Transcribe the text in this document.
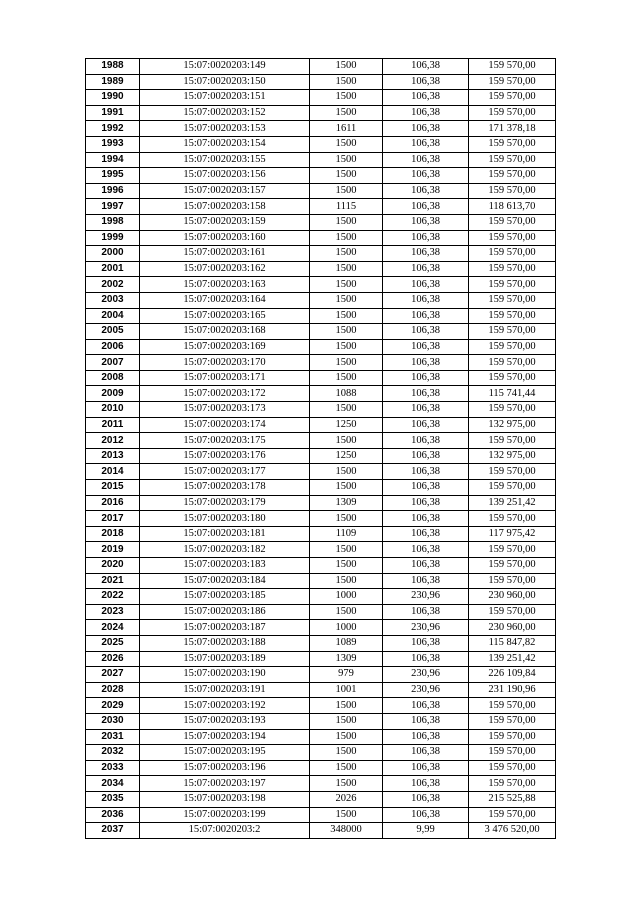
1988	15:07:0020203:149	1500	106,38	159 570,00
1989	15:07:0020203:150	1500	106,38	159 570,00
1990	15:07:0020203:151	1500	106,38	159 570,00
1991	15:07:0020203:152	1500	106,38	159 570,00
1992	15:07:0020203:153	1611	106,38	171 378,18
1993	15:07:0020203:154	1500	106,38	159 570,00
1994	15:07:0020203:155	1500	106,38	159 570,00
1995	15:07:0020203:156	1500	106,38	159 570,00
1996	15:07:0020203:157	1500	106,38	159 570,00
1997	15:07:0020203:158	1115	106,38	118 613,70
1998	15:07:0020203:159	1500	106,38	159 570,00
1999	15:07:0020203:160	1500	106,38	159 570,00
2000	15:07:0020203:161	1500	106,38	159 570,00
2001	15:07:0020203:162	1500	106,38	159 570,00
2002	15:07:0020203:163	1500	106,38	159 570,00
2003	15:07:0020203:164	1500	106,38	159 570,00
2004	15:07:0020203:165	1500	106,38	159 570,00
2005	15:07:0020203:168	1500	106,38	159 570,00
2006	15:07:0020203:169	1500	106,38	159 570,00
2007	15:07:0020203:170	1500	106,38	159 570,00
2008	15:07:0020203:171	1500	106,38	159 570,00
2009	15:07:0020203:172	1088	106,38	115 741,44
2010	15:07:0020203:173	1500	106,38	159 570,00
2011	15:07:0020203:174	1250	106,38	132 975,00
2012	15:07:0020203:175	1500	106,38	159 570,00
2013	15:07:0020203:176	1250	106,38	132 975,00
2014	15:07:0020203:177	1500	106,38	159 570,00
2015	15:07:0020203:178	1500	106,38	159 570,00
2016	15:07:0020203:179	1309	106,38	139 251,42
2017	15:07:0020203:180	1500	106,38	159 570,00
2018	15:07:0020203:181	1109	106,38	117 975,42
2019	15:07:0020203:182	1500	106,38	159 570,00
2020	15:07:0020203:183	1500	106,38	159 570,00
2021	15:07:0020203:184	1500	106,38	159 570,00
2022	15:07:0020203:185	1000	230,96	230 960,00
2023	15:07:0020203:186	1500	106,38	159 570,00
2024	15:07:0020203:187	1000	230,96	230 960,00
2025	15:07:0020203:188	1089	106,38	115 847,82
2026	15:07:0020203:189	1309	106,38	139 251,42
2027	15:07:0020203:190	979	230,96	226 109,84
2028	15:07:0020203:191	1001	230,96	231 190,96
2029	15:07:0020203:192	1500	106,38	159 570,00
2030	15:07:0020203:193	1500	106,38	159 570,00
2031	15:07:0020203:194	1500	106,38	159 570,00
2032	15:07:0020203:195	1500	106,38	159 570,00
2033	15:07:0020203:196	1500	106,38	159 570,00
2034	15:07:0020203:197	1500	106,38	159 570,00
2035	15:07:0020203:198	2026	106,38	215 525,88
2036	15:07:0020203:199	1500	106,38	159 570,00
2037	15:07:0020203:2	348000	9,99	3 476 520,00
